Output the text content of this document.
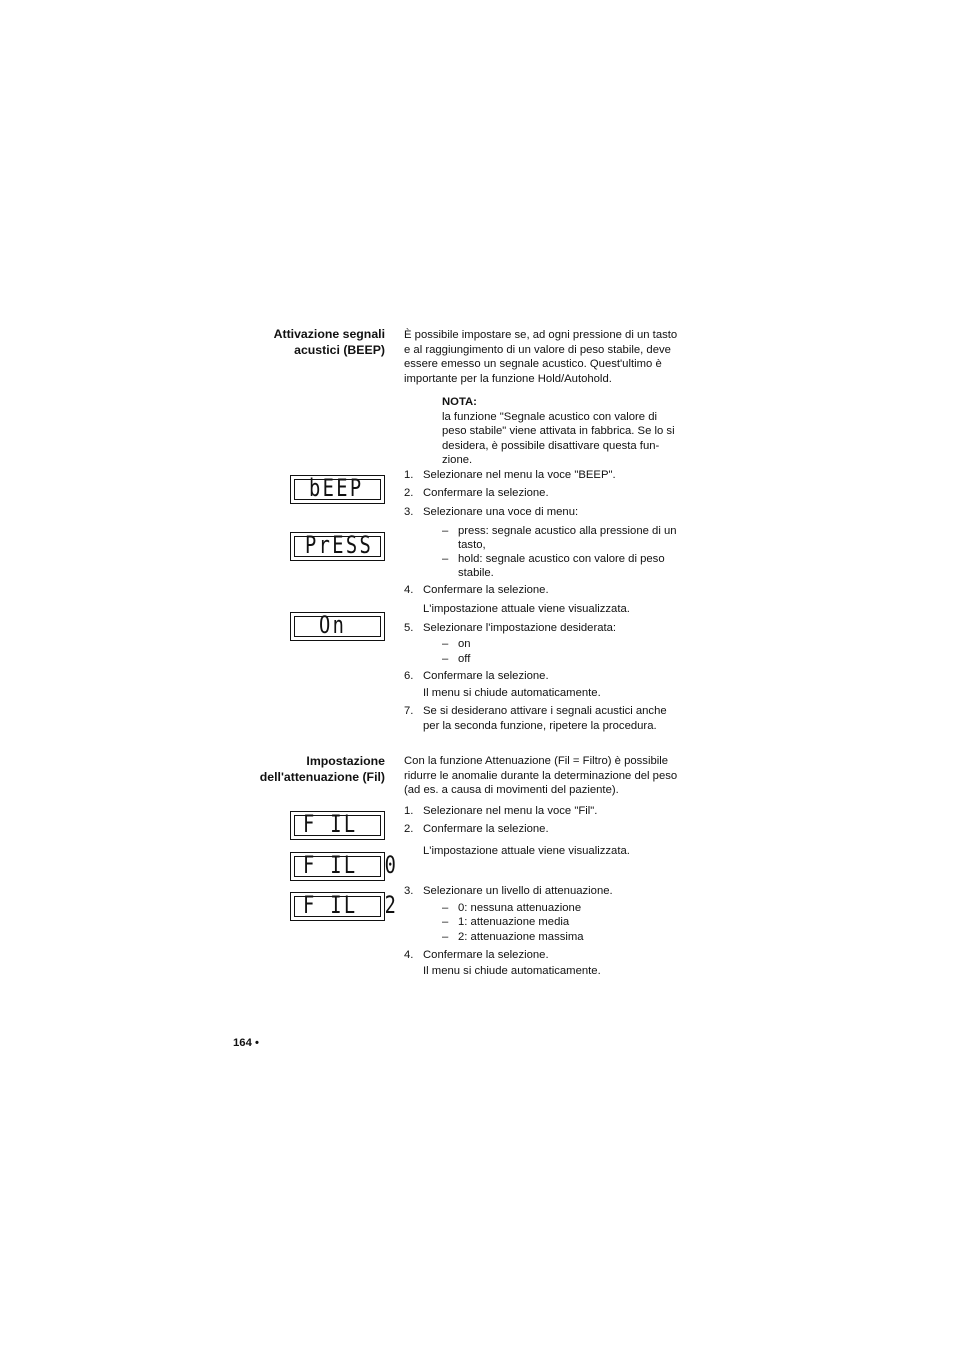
Attivazione segnali
acustici (BEEP)
È possibile impostare se, ad ogni pressione di un tasto
e al raggiungimento di un valore di peso stabile, deve
essere emesso un segnale acustico. Quest'ultimo è
importante per la funzione Hold/Autohold.
NOTA:
la funzione "Segnale acustico con valore di
peso stabile" viene attivata in fabbrica. Se lo si
desidera, è possibile disattivare questa fun-
zione.
1. Selezionare nel menu la voce "BEEP".
2. Confermare la selezione.
3. Selezionare una voce di menu:
– press: segnale acustico alla pressione di un
tasto,
– hold: segnale acustico con valore di peso
stabile.
4. Confermare la selezione.
L'impostazione attuale viene visualizzata.
5. Selezionare l'impostazione desiderata:
– on
– off
6. Confermare la selezione.
Il menu si chiude automaticamente.
7. Se si desiderano attivare i segnali acustici anche
per la seconda funzione, ripetere la procedura.
bEEP
PrESS
On
Impostazione
dell'attenuazione (Fil)
Con la funzione Attenuazione (Fil = Filtro) è possibile
ridurre le anomalie durante la determinazione del peso
(ad es. a causa di movimenti del paziente).
1. Selezionare nel menu la voce "Fil".
2. Confermare la selezione.
L'impostazione attuale viene visualizzata.
3. Selezionare un livello di attenuazione.
– 0: nessuna attenuazione
– 1: attenuazione media
– 2: attenuazione massima
4. Confermare la selezione.
Il menu si chiude automaticamente.
F IL
F IL  0
F IL  2
164 •
